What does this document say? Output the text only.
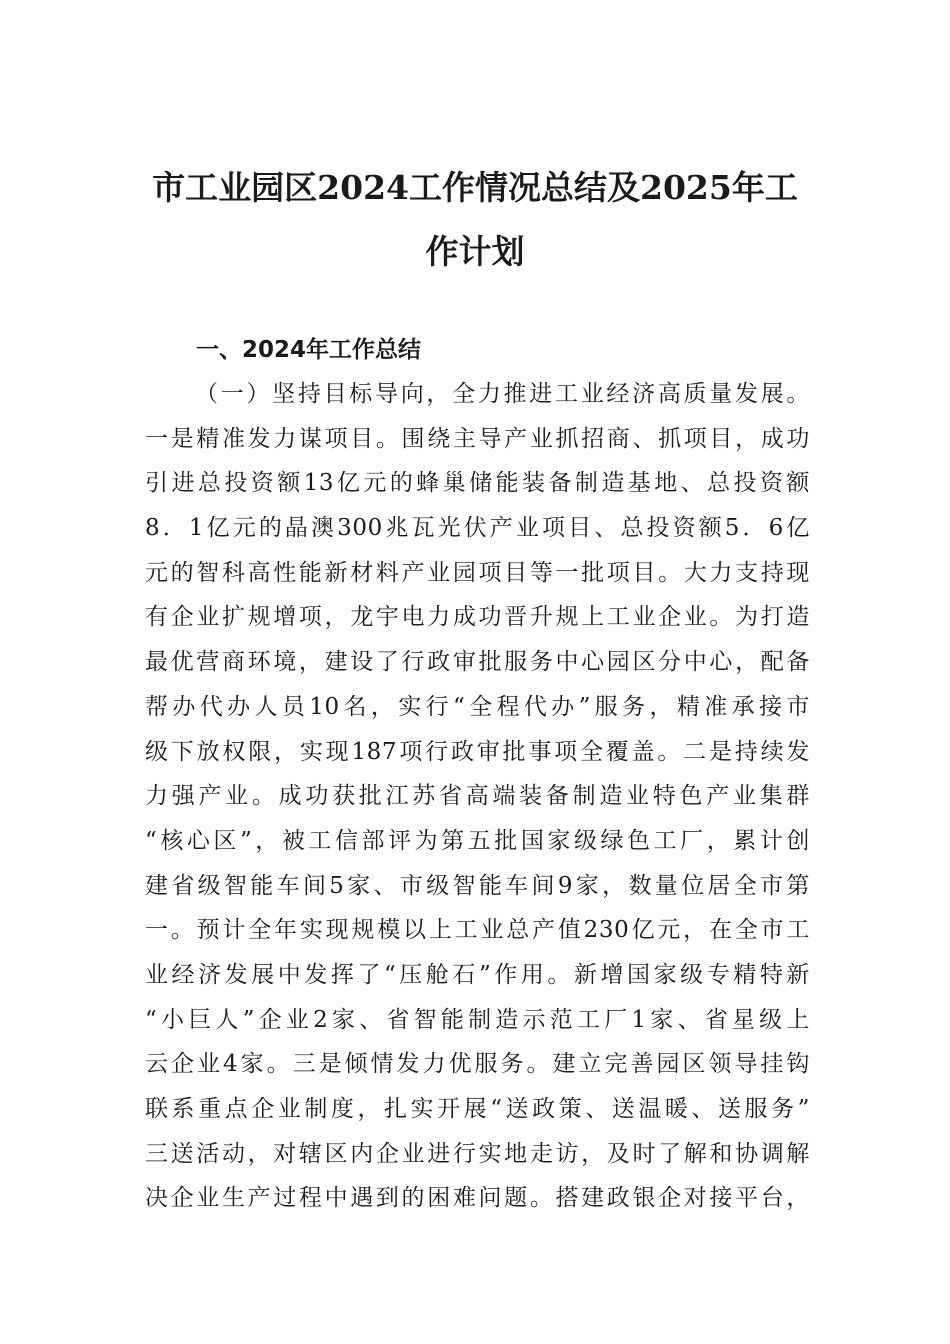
市工业园区2024工作情况总结及2025年工
作计划
一、2024年工作总结
（一）坚持目标导向，全力推进工业经济高质量发展。
一是精准发力谋项目。围绕主导产业抓招商、抓项目，成功
引进总投资额13亿元的蜂巢储能装备制造基地、总投资额
8．1亿元的晶澳300兆瓦光伏产业项目、总投资额5．6亿
元的智科高性能新材料产业园项目等一批项目。大力支持现
有企业扩规增项，龙宇电力成功晋升规上工业企业。为打造
最优营商环境，建设了行政审批服务中心园区分中心，配备
帮办代办人员10名，实行“全程代办”服务，精准承接市
级下放权限，实现187项行政审批事项全覆盖。二是持续发
力强产业。成功获批江苏省高端装备制造业特色产业集群
“核心区”，被工信部评为第五批国家级绿色工厂，累计创
建省级智能车间5家、市级智能车间9家，数量位居全市第
一。预计全年实现规模以上工业总产值230亿元，在全市工
业经济发展中发挥了“压舱石”作用。新增国家级专精特新
“小巨人”企业2家、省智能制造示范工厂1家、省星级上
云企业4家。三是倾情发力优服务。建立完善园区领导挂钩
联系重点企业制度，扎实开展“送政策、送温暖、送服务”
三送活动，对辖区内企业进行实地走访，及时了解和协调解
决企业生产过程中遇到的困难问题。搭建政银企对接平台，
